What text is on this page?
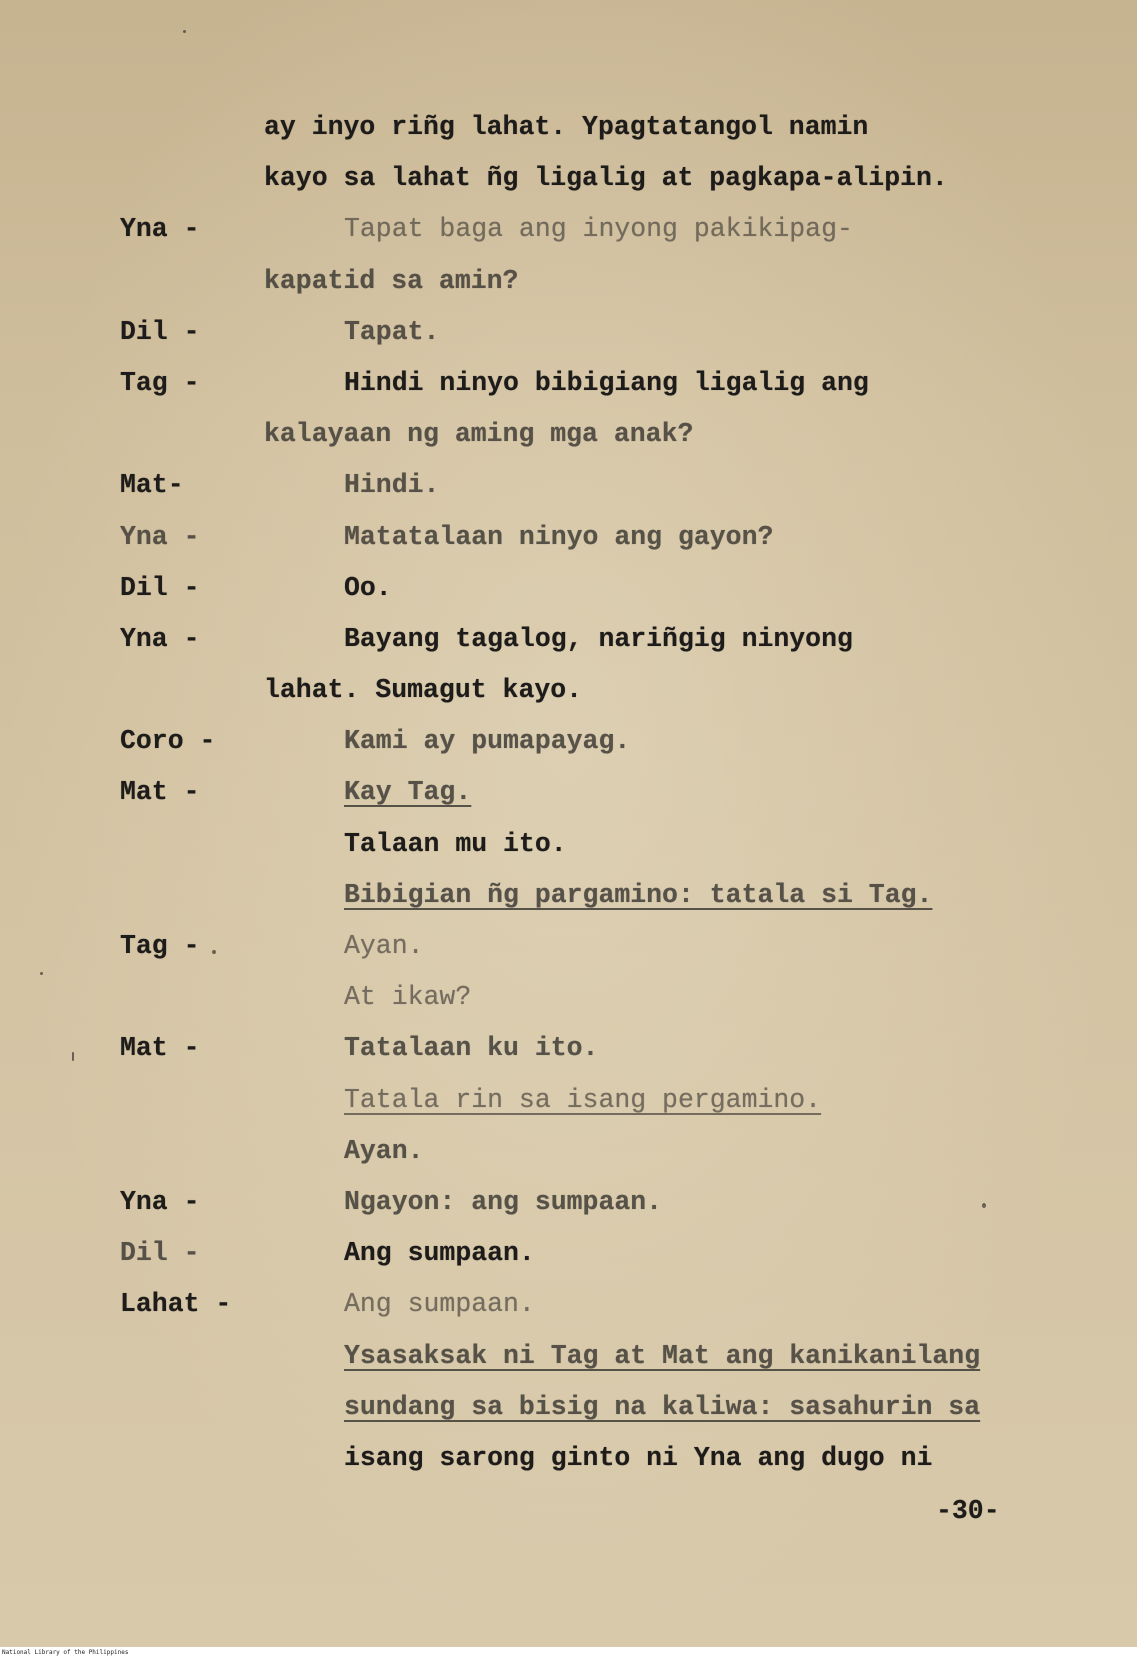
ay inyo riñg lahat. Ypagtatangol namin
kayo sa lahat ñg ligalig at pagkapa-alipin.
Yna -	Tapat baga ang inyong pakikipag-
kapatid sa amin?
Dil -	Tapat.
Tag -	Hindi ninyo bibigiang ligalig ang
kalayaan ng aming mga anak?
Mat-	Hindi.
Yna -	Matatalaan ninyo ang gayon?
Dil -	Oo.
Yna -	Bayang tagalog, nariñgig ninyong
lahat. Sumagut kayo.
Coro -	Kami ay pumapayag.
Mat -	Kay Tag.
Talaan mu ito.
Bibigian ñg pargamino: tatala si Tag.
Tag -	Ayan.
At ikaw?
Mat -	Tatalaan ku ito.
Tatala rin sa isang pergamino.
Ayan.
Yna -	Ngayon: ang sumpaan.
Dil -	Ang sumpaan.
Lahat -	Ang sumpaan.
Ysasaksak ni Tag at Mat ang kanikanilang
sundang sa bisig na kaliwa: sasahurin sa
isang sarong ginto ni Yna ang dugo ni
-30-
National Library of the Philippines
